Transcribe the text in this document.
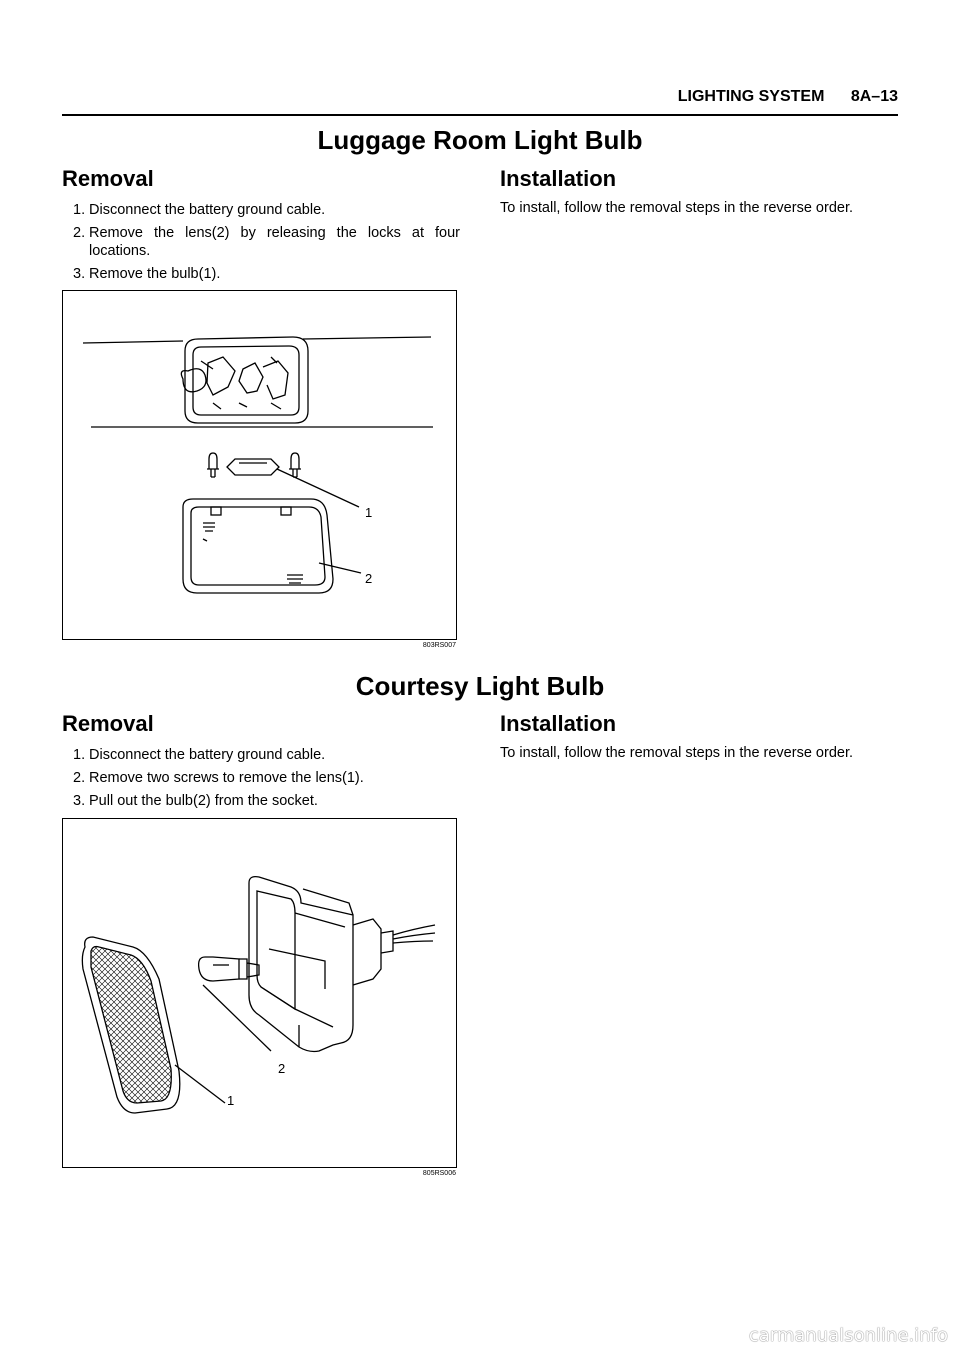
LIGHTING SYSTEM 8A–13
Luggage Room Light Bulb
Removal
1. Disconnect the battery ground cable.
2. Remove the lens(2) by releasing the locks at four locations.
3. Remove the bulb(1).
Installation
To install, follow the removal steps in the reverse order.
1
2
803RS007
Courtesy Light Bulb
Removal
1. Disconnect the battery ground cable.
2. Remove two screws to remove the lens(1).
3. Pull out the bulb(2) from the socket.
Installation
To install, follow the removal steps in the reverse order.
2
1
805RS006
carmanualsonline.info
